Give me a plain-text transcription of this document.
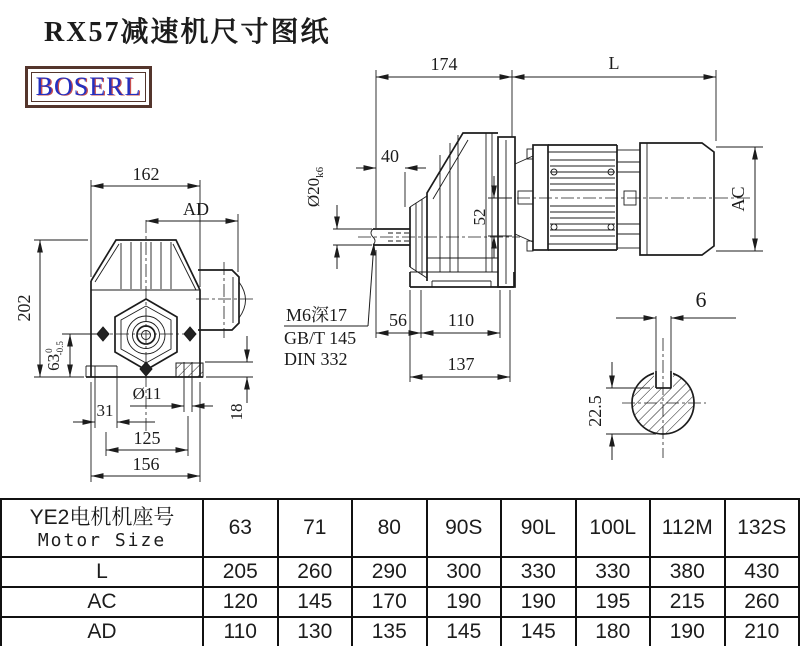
RX57减速机尺寸图纸
BOSERL
162
AD
202
$63^0-0.5$
31
Ø11
125
156
18
174	L
40
$Ø20_{k6}$
52
M6深17
GB/T 145
DIN 332
56 110
137
AC
6
22.5
YE2电机机座号
Motor Size	63	71	80	90S	90L	100L	112M	132S
L	205	260	290	300	330	330	380	430
AC	120	145	170	190	190	195	215	260
AD	110	130	135	145	145	180	190	210
